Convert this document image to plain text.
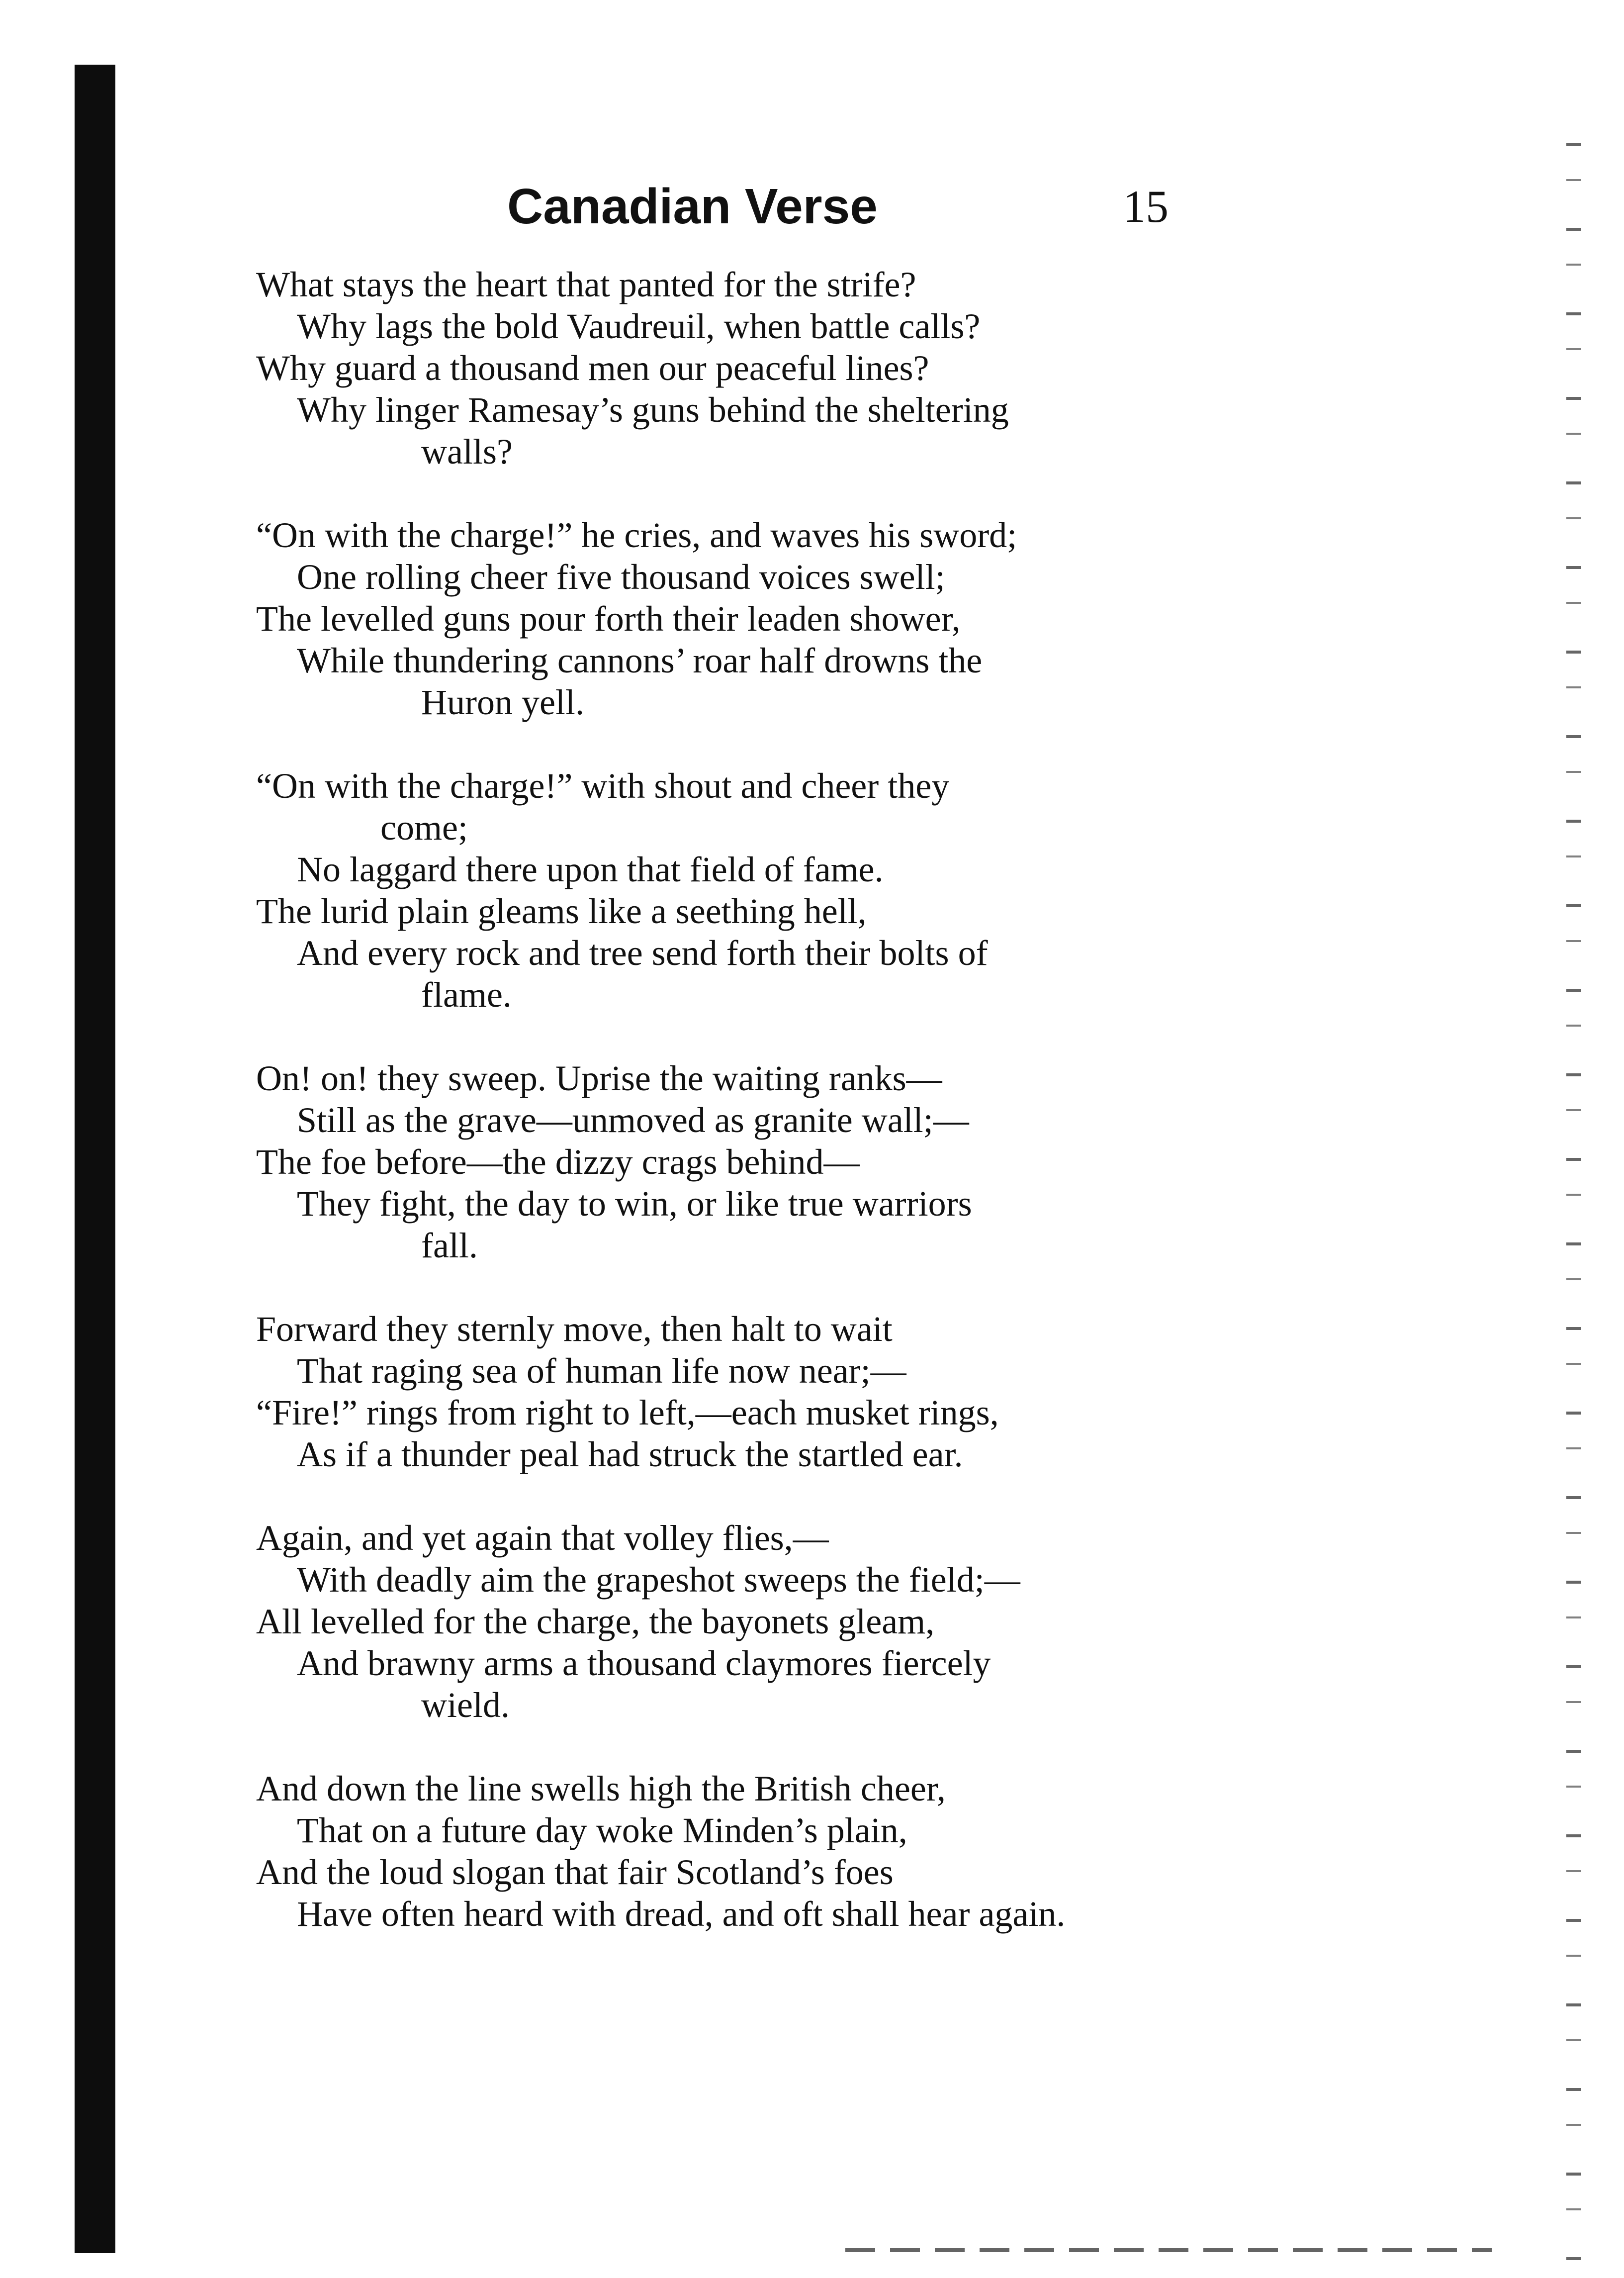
Canadian Verse	15
What stays the heart that panted for the strife?
Why lags the bold Vaudreuil, when battle calls?
Why guard a thousand men our peaceful lines?
Why linger Ramesay’s guns behind the sheltering
walls?
“On with the charge!” he cries, and waves his sword;
One rolling cheer five thousand voices swell;
The levelled guns pour forth their leaden shower,
While thundering cannons’ roar half drowns the
Huron yell.
“On with the charge!” with shout and cheer they
come;
No laggard there upon that field of fame.
The lurid plain gleams like a seething hell,
And every rock and tree send forth their bolts of
flame.
On! on! they sweep. Uprise the waiting ranks—
Still as the grave—unmoved as granite wall;—
The foe before—the dizzy crags behind—
They fight, the day to win, or like true warriors
fall.
Forward they sternly move, then halt to wait
That raging sea of human life now near;—
“Fire!” rings from right to left,—each musket rings,
As if a thunder peal had struck the startled ear.
Again, and yet again that volley flies,—
With deadly aim the grapeshot sweeps the field;—
All levelled for the charge, the bayonets gleam,
And brawny arms a thousand claymores fiercely
wield.
And down the line swells high the British cheer,
That on a future day woke Minden’s plain,
And the loud slogan that fair Scotland’s foes
Have often heard with dread, and oft shall hear again.
